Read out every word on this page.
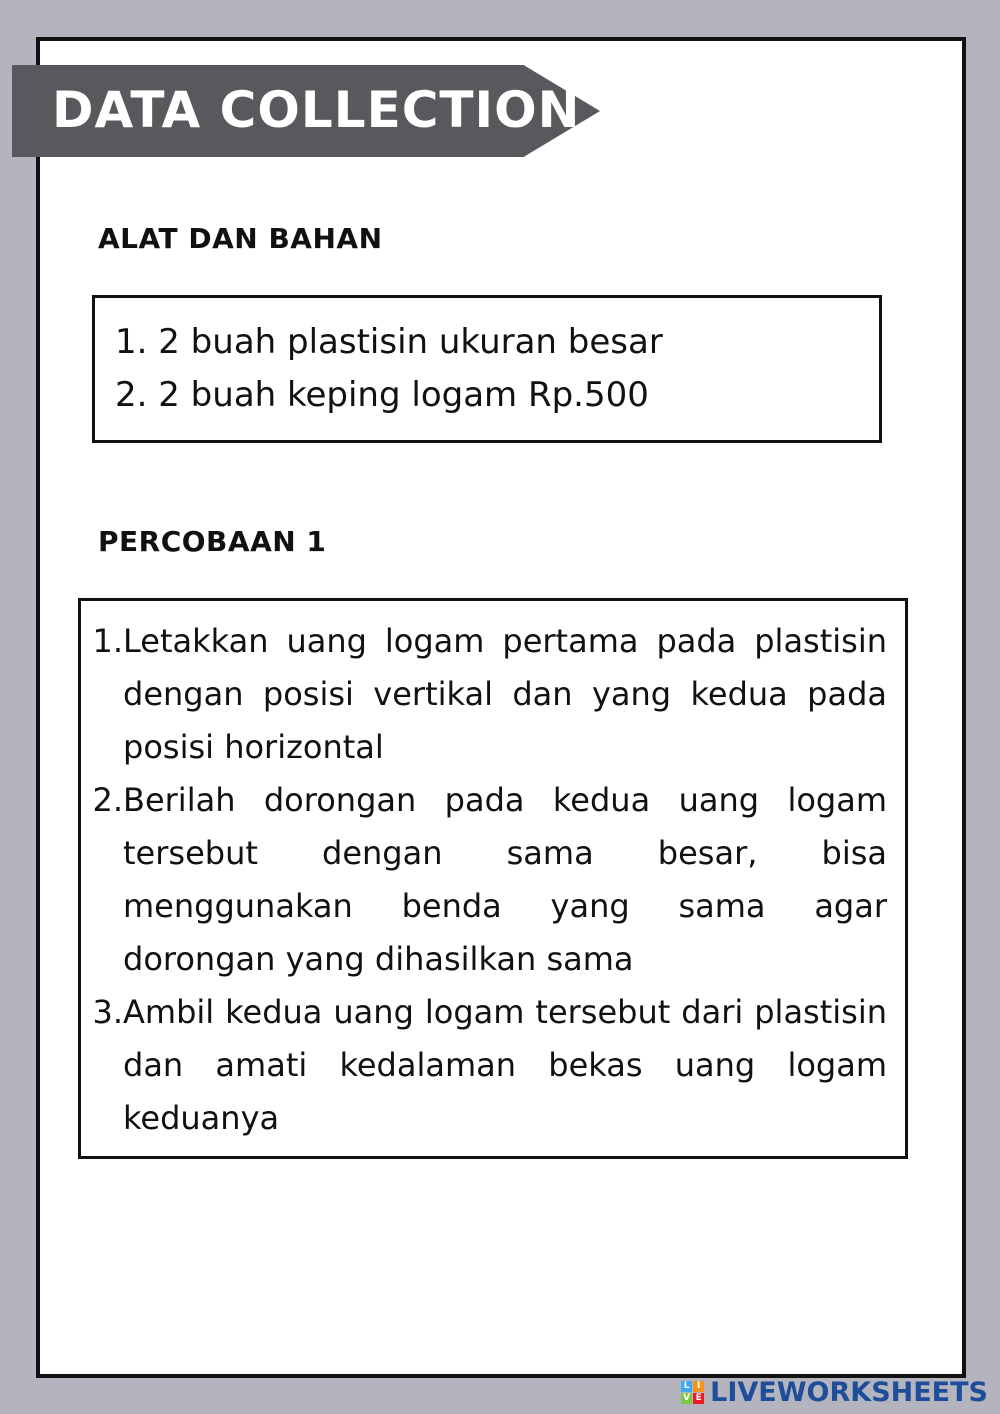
DATA COLLECTION
ALAT DAN BAHAN
1. 2 buah plastisin ukuran besar
2. 2 buah keping logam Rp.500
PERCOBAAN 1
1. Letakkan uang logam pertama pada plastisin dengan posisi vertikal dan yang kedua pada posisi horizontal
2. Berilah dorongan pada kedua uang logam tersebut dengan sama besar, bisa menggunakan benda yang sama agar dorongan yang dihasilkan sama
3. Ambil kedua uang logam tersebut dari plastisin dan amati kedalaman bekas uang logam keduanya
L I
V E LIVEWORKSHEETS
